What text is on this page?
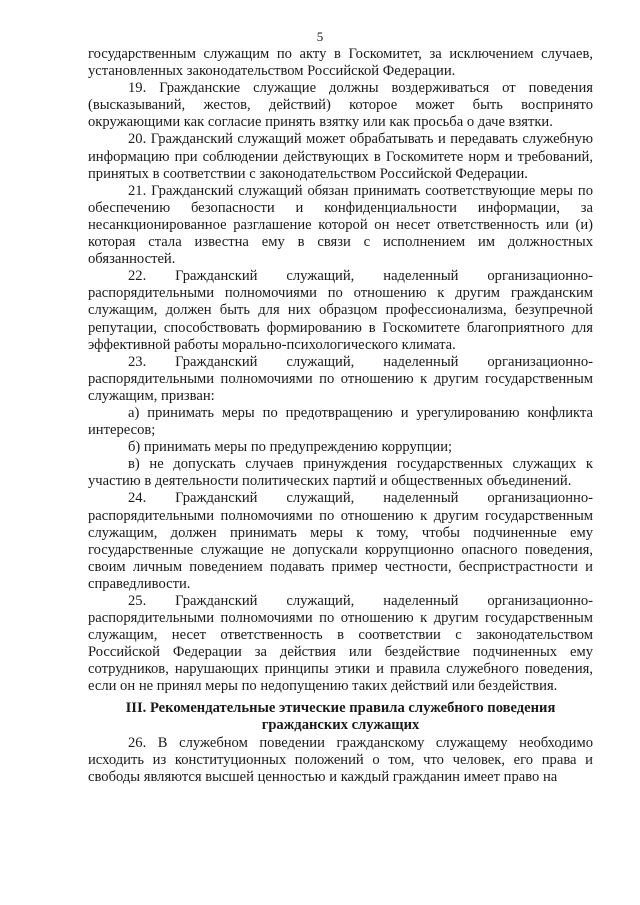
5

государственным служащим по акту в Госкомитет, за исключением случаев, установленных законодательством Российской Федерации.

19. Гражданские служащие должны воздерживаться от поведения (высказываний, жестов, действий) которое может быть воспринято окружающими как согласие принять взятку или как просьба о даче взятки.

20. Гражданский служащий может обрабатывать и передавать служебную информацию при соблюдении действующих в Госкомитете норм и требований, принятых в соответствии с законодательством Российской Федерации.

21. Гражданский служащий обязан принимать соответствующие меры по обеспечению безопасности и конфиденциальности информации, за несанкционированное разглашение которой он несет ответственность или (и) которая стала известна ему в связи с исполнением им должностных обязанностей.

22. Гражданский служащий, наделенный организационно-распорядительными полномочиями по отношению к другим гражданским служащим, должен быть для них образцом профессионализма, безупречной репутации, способствовать формированию в Госкомитете благоприятного для эффективной работы морально-психологического климата.

23. Гражданский служащий, наделенный организационно-распорядительными полномочиями по отношению к другим государственным служащим, призван:

а) принимать меры по предотвращению и урегулированию конфликта интересов;

б) принимать меры по предупреждению коррупции;

в) не допускать случаев принуждения государственных служащих к участию в деятельности политических партий и общественных объединений.

24. Гражданский служащий, наделенный организационно-распорядительными полномочиями по отношению к другим государственным служащим, должен принимать меры к тому, чтобы подчиненные ему государственные служащие не допускали коррупционно опасного поведения, своим личным поведением подавать пример честности, беспристрастности и справедливости.

25. Гражданский служащий, наделенный организационно-распорядительными полномочиями по отношению к другим государственным служащим, несет ответственность в соответствии с законодательством Российской Федерации за действия или бездействие подчиненных ему сотрудников, нарушающих принципы этики и правила служебного поведения, если он не принял меры по недопущению таких действий или бездействия.

III. Рекомендательные этические правила служебного поведения гражданских служащих

26. В служебном поведении гражданскому служащему необходимо исходить из конституционных положений о том, что человек, его права и свободы являются высшей ценностью и каждый гражданин имеет право на
